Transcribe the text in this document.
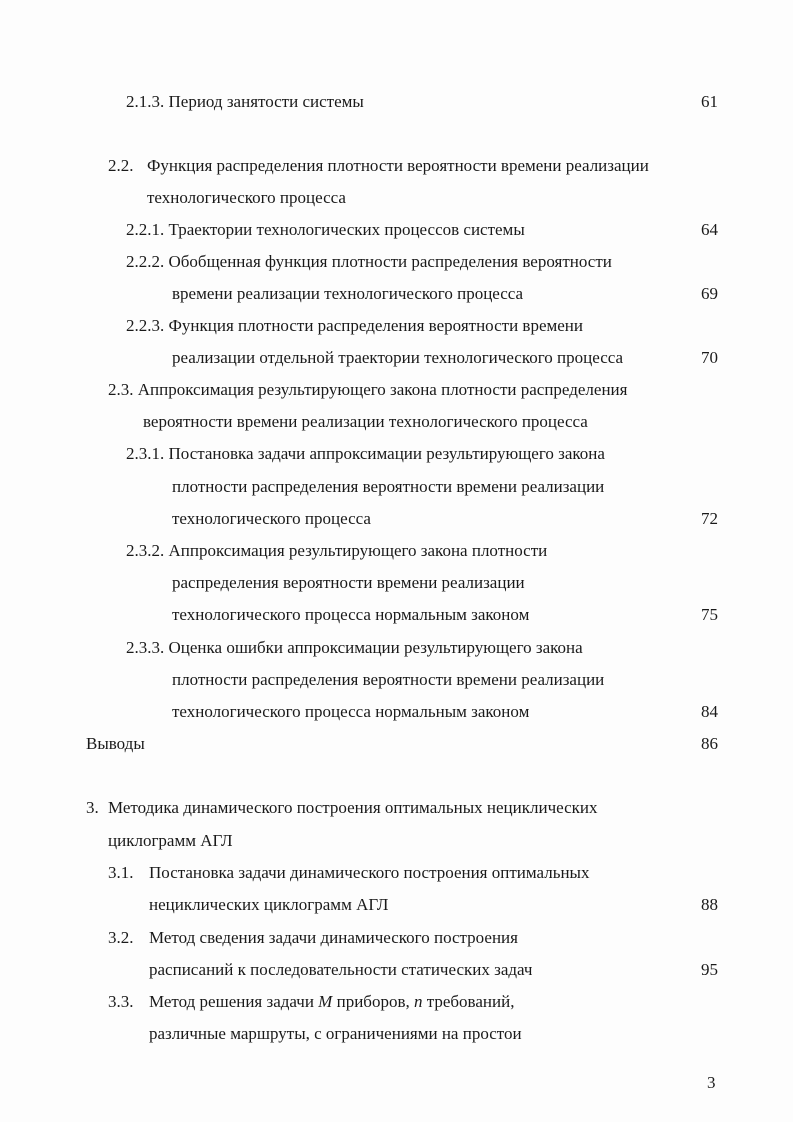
2.1.3. Период занятости системы	61
2.2. Функция распределения плотности вероятности времени реализации
технологического процесса
2.2.1. Траектории технологических процессов системы	64
2.2.2. Обобщенная функция плотности распределения вероятности
времени реализации технологического процесса	69
2.2.3. Функция плотности распределения вероятности времени
реализации отдельной траектории технологического процесса	70
2.3. Аппроксимация результирующего закона плотности распределения
вероятности времени реализации технологического процесса
2.3.1. Постановка задачи аппроксимации результирующего закона
плотности распределения вероятности времени реализации
технологического процесса	72
2.3.2. Аппроксимация результирующего закона плотности
распределения вероятности времени реализации
технологического процесса нормальным законом	75
2.3.3. Оценка ошибки аппроксимации результирующего закона
плотности распределения вероятности времени реализации
технологического процесса нормальным законом	84
Выводы	86
3. Методика динамического построения оптимальных нециклических
циклограмм АГЛ
3.1. Постановка задачи динамического построения оптимальных
нециклических циклограмм АГЛ	88
3.2. Метод сведения задачи динамического построения
расписаний к последовательности статических задач	95
3.3. Метод решения задачи M приборов, n требований,
различные маршруты, с ограничениями на простои
3
